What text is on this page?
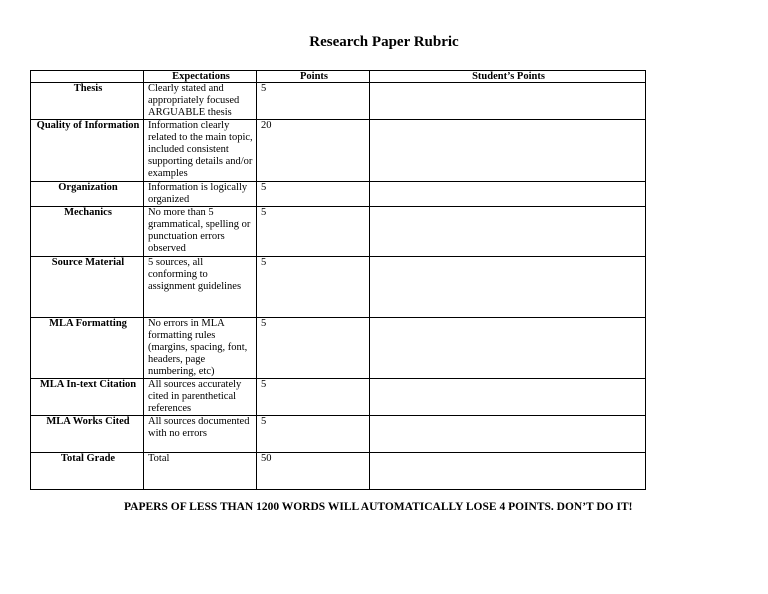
Research Paper Rubric
	Expectations	Points	Student’s Points
Thesis	Clearly stated and appropriately focused ARGUABLE thesis	5	
Quality of Information	Information clearly related to the main topic, included consistent supporting details and/or examples	20	
Organization	Information is logically organized	5	
Mechanics	No more than 5 grammatical, spelling or punctuation errors observed	5	
Source Material	5 sources, all conforming to assignment guidelines	5	
MLA Formatting	No errors in MLA formatting rules (margins, spacing, font, headers, page numbering, etc)	5	
MLA In-text Citation	All sources accurately cited in parenthetical references	5	
MLA Works Cited	All sources documented with no errors	5	
Total Grade	Total	50	
PAPERS OF LESS THAN 1200 WORDS WILL AUTOMATICALLY LOSE 4 POINTS. DON’T DO IT!
